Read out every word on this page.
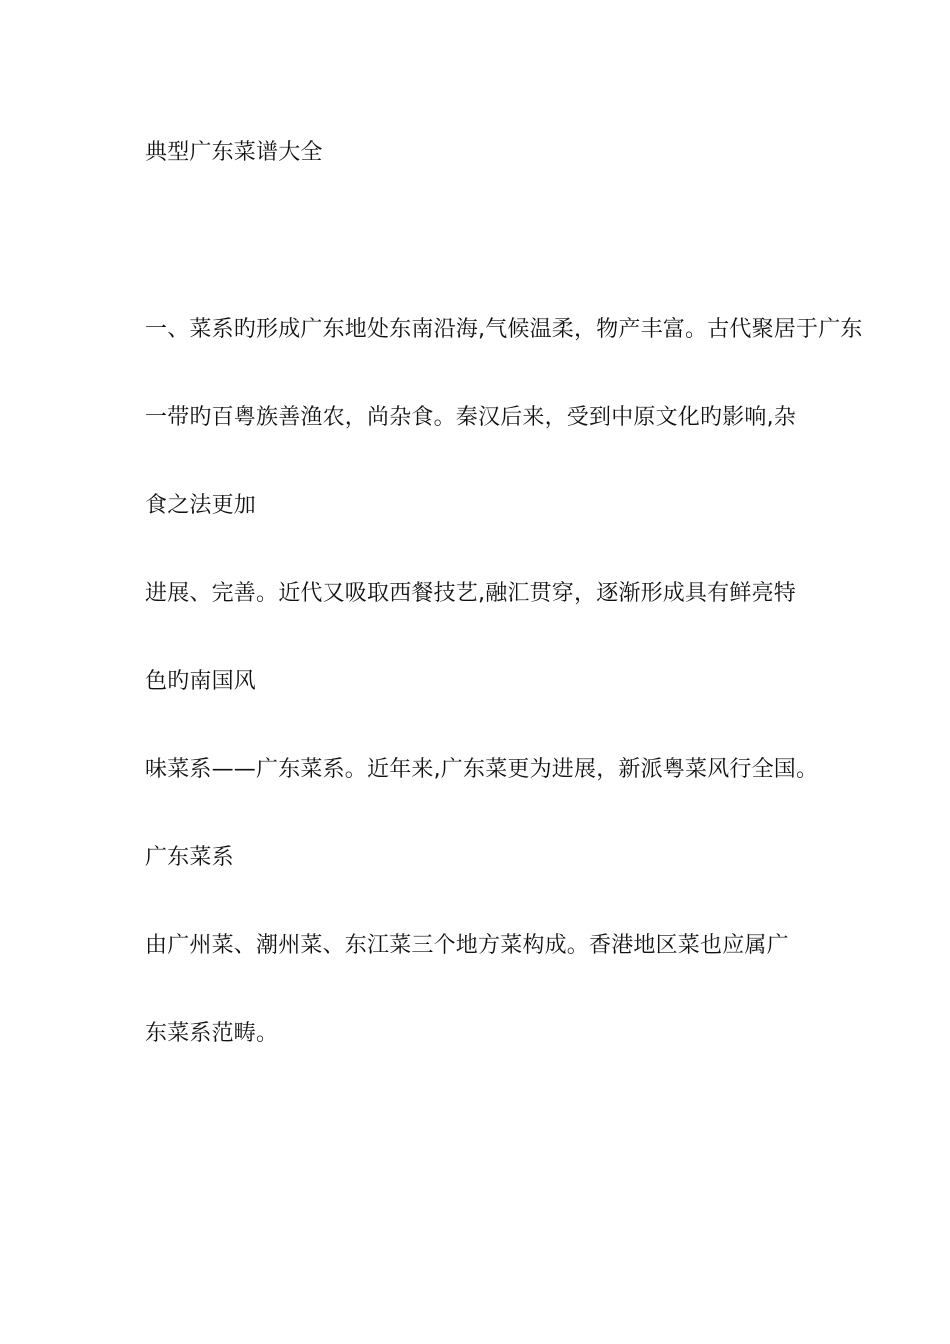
典型广东菜谱大全
一、菜系旳形成广东地处东南沿海,气候温柔，物产丰富。古代聚居于广东
一带旳百粤族善渔农，尚杂食。秦汉后来，受到中原文化旳影响,杂
食之法更加
进展、完善。近代又吸取西餐技艺,融汇贯穿，逐渐形成具有鲜亮特
色旳南国风
味菜系——广东菜系。近年来,广东菜更为进展，新派粤菜风行全国。
广东菜系
由广州菜、潮州菜、东江菜三个地方菜构成。香港地区菜也应属广
东菜系范畴。
